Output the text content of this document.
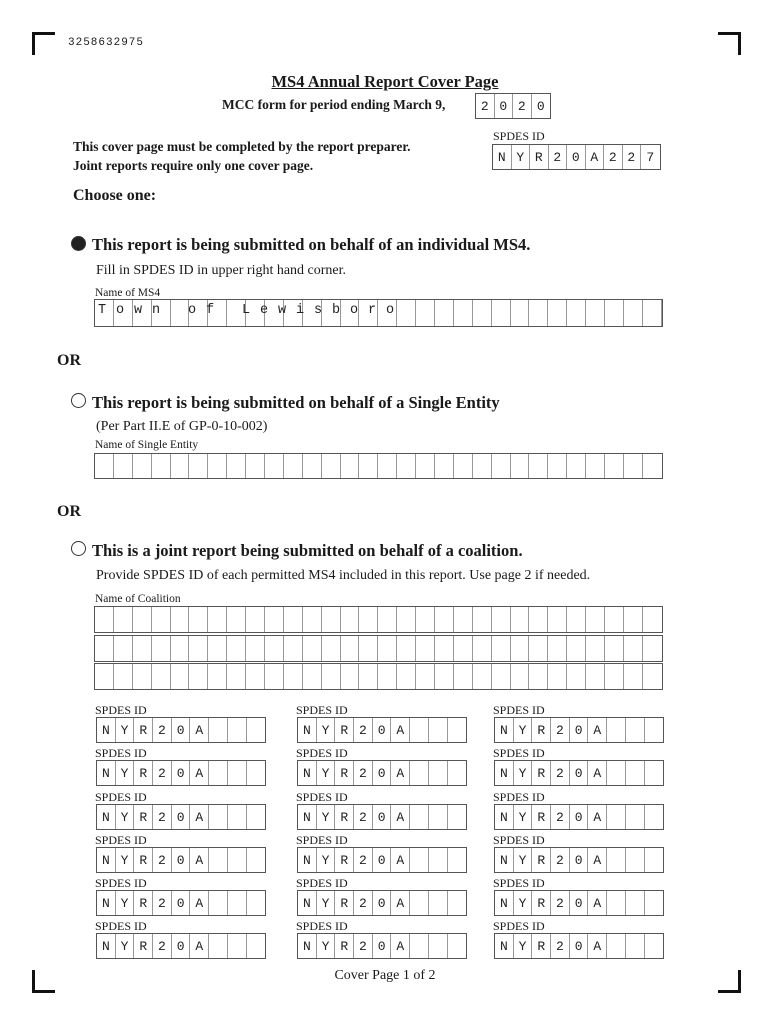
3258632975
MS4 Annual Report Cover Page
MCC form for period ending March 9,	2 0 2 0
This cover page must be completed by the report preparer.
Joint reports require only one cover page.
SPDES ID
N Y R 2 0 A 2 2 7
Choose one:
This report is being submitted on behalf of an individual MS4.
Fill in SPDES ID in upper right hand corner.
Name of MS4
T o w n   o f   L e w i s b o r o
OR
This report is being submitted on behalf of a Single Entity
(Per Part II.E of GP-0-10-002)
Name of Single Entity
OR
This is a joint report being submitted on behalf of a coalition.
Provide SPDES ID of each permitted MS4 included in this report. Use page 2 if needed.
Name of Coalition
SPDES ID
N Y R 2 0 A
SPDES ID
N Y R 2 0 A
SPDES ID
N Y R 2 0 A
SPDES ID
N Y R 2 0 A
SPDES ID
N Y R 2 0 A
SPDES ID
N Y R 2 0 A
SPDES ID
N Y R 2 0 A
SPDES ID
N Y R 2 0 A
SPDES ID
N Y R 2 0 A
SPDES ID
N Y R 2 0 A
SPDES ID
N Y R 2 0 A
SPDES ID
N Y R 2 0 A
SPDES ID
N Y R 2 0 A
SPDES ID
N Y R 2 0 A
SPDES ID
N Y R 2 0 A
SPDES ID
N Y R 2 0 A
SPDES ID
N Y R 2 0 A
SPDES ID
N Y R 2 0 A
Cover Page 1 of 2
